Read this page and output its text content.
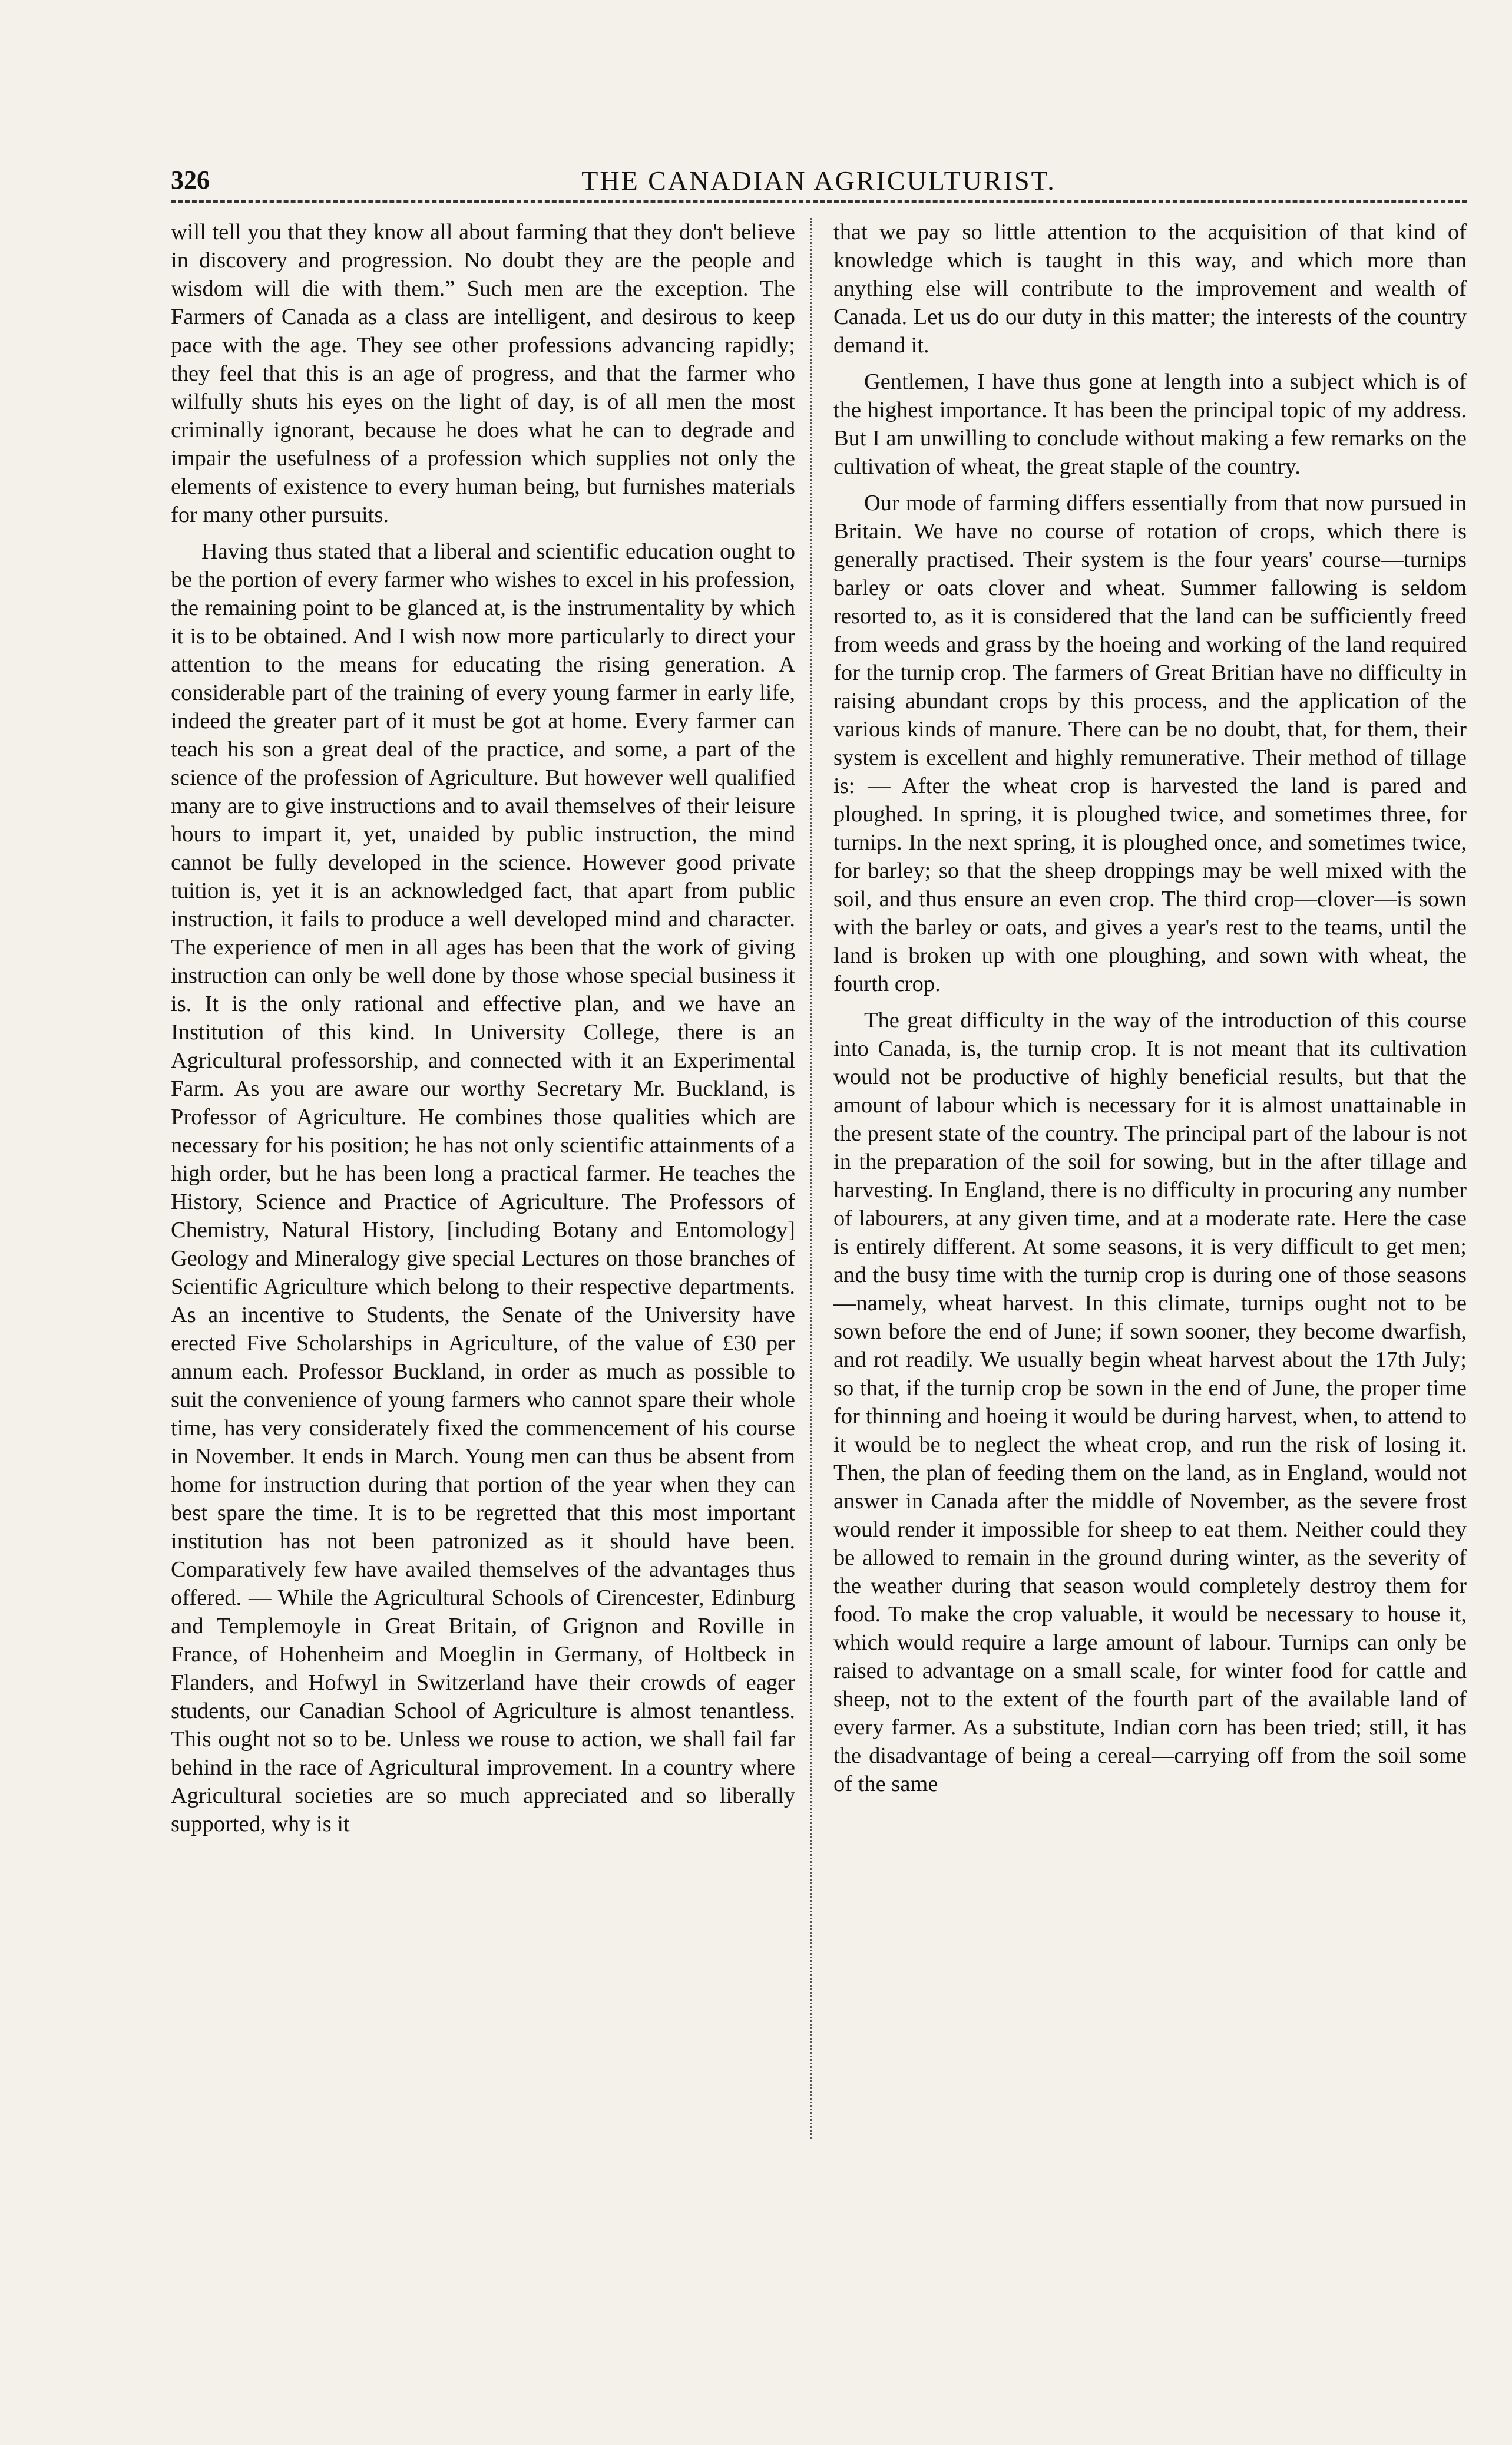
326	THE CANADIAN AGRICULTURIST.

will tell you that they know all about farming that they don't believe in discovery and progression. No doubt they are the people and wisdom will die with them.” Such men are the exception. The Farmers of Canada as a class are intelligent, and desirous to keep pace with the age. They see other professions advancing rapidly; they feel that this is an age of progress, and that the farmer who wilfully shuts his eyes on the light of day, is of all men the most criminally ignorant, because he does what he can to degrade and impair the usefulness of a profession which supplies not only the elements of existence to every human being, but furnishes materials for many other pursuits.

Having thus stated that a liberal and scientific education ought to be the portion of every farmer who wishes to excel in his profession, the remaining point to be glanced at, is the instrumentality by which it is to be obtained. And I wish now more particularly to direct your attention to the means for educating the rising generation. A considerable part of the training of every young farmer in early life, indeed the greater part of it must be got at home. Every farmer can teach his son a great deal of the practice, and some, a part of the science of the profession of Agriculture. But however well qualified many are to give instructions and to avail themselves of their leisure hours to impart it, yet, unaided by public instruction, the mind cannot be fully developed in the science. However good private tuition is, yet it is an acknowledged fact, that apart from public instruction, it fails to produce a well developed mind and character. The experience of men in all ages has been that the work of giving instruction can only be well done by those whose special business it is. It is the only rational and effective plan, and we have an Institution of this kind. In University College, there is an Agricultural professorship, and connected with it an Experimental Farm. As you are aware our worthy Secretary Mr. Buckland, is Professor of Agriculture. He combines those qualities which are necessary for his position; he has not only scientific attainments of a high order, but he has been long a practical farmer. He teaches the History, Science and Practice of Agriculture. The Professors of Chemistry, Natural History, [including Botany and Entomology] Geology and Mineralogy give special Lectures on those branches of Scientific Agriculture which belong to their respective departments. As an incentive to Students, the Senate of the University have erected Five Scholarships in Agriculture, of the value of £30 per annum each. Professor Buckland, in order as much as possible to suit the convenience of young farmers who cannot spare their whole time, has very considerately fixed the commencement of his course in November. It ends in March. Young men can thus be absent from home for instruction during that portion of the year when they can best spare the time. It is to be regretted that this most important institution has not been patronized as it should have been. Comparatively few have availed themselves of the advantages thus offered. — While the Agricultural Schools of Cirencester, Edinburg and Templemoyle in Great Britain, of Grignon and Roville in France, of Hohenheim and Moeglin in Germany, of Holtbeck in Flanders, and Hofwyl in Switzerland have their crowds of eager students, our Canadian School of Agriculture is almost tenantless. This ought not so to be. Unless we rouse to action, we shall fail far behind in the race of Agricultural improvement. In a country where Agricultural societies are so much appreciated and so liberally supported, why is it

that we pay so little attention to the acquisition of that kind of knowledge which is taught in this way, and which more than anything else will contribute to the improvement and wealth of Canada. Let us do our duty in this matter; the interests of the country demand it.

Gentlemen, I have thus gone at length into a subject which is of the highest importance. It has been the principal topic of my address. But I am unwilling to conclude without making a few remarks on the cultivation of wheat, the great staple of the country.

Our mode of farming differs essentially from that now pursued in Britain. We have no course of rotation of crops, which there is generally practised. Their system is the four years' course—turnips barley or oats clover and wheat. Summer fallowing is seldom resorted to, as it is considered that the land can be sufficiently freed from weeds and grass by the hoeing and working of the land required for the turnip crop. The farmers of Great Britian have no difficulty in raising abundant crops by this process, and the application of the various kinds of manure. There can be no doubt, that, for them, their system is excellent and highly remunerative. Their method of tillage is: — After the wheat crop is harvested the land is pared and ploughed. In spring, it is ploughed twice, and sometimes three, for turnips. In the next spring, it is ploughed once, and sometimes twice, for barley; so that the sheep droppings may be well mixed with the soil, and thus ensure an even crop. The third crop—clover—is sown with the barley or oats, and gives a year's rest to the teams, until the land is broken up with one ploughing, and sown with wheat, the fourth crop.

The great difficulty in the way of the introduction of this course into Canada, is, the turnip crop. It is not meant that its cultivation would not be productive of highly beneficial results, but that the amount of labour which is necessary for it is almost unattainable in the present state of the country. The principal part of the labour is not in the preparation of the soil for sowing, but in the after tillage and harvesting. In England, there is no difficulty in procuring any number of labourers, at any given time, and at a moderate rate. Here the case is entirely different. At some seasons, it is very difficult to get men; and the busy time with the turnip crop is during one of those seasons—namely, wheat harvest. In this climate, turnips ought not to be sown before the end of June; if sown sooner, they become dwarfish, and rot readily. We usually begin wheat harvest about the 17th July; so that, if the turnip crop be sown in the end of June, the proper time for thinning and hoeing it would be during harvest, when, to attend to it would be to neglect the wheat crop, and run the risk of losing it. Then, the plan of feeding them on the land, as in England, would not answer in Canada after the middle of November, as the severe frost would render it impossible for sheep to eat them. Neither could they be allowed to remain in the ground during winter, as the severity of the weather during that season would completely destroy them for food. To make the crop valuable, it would be necessary to house it, which would require a large amount of labour. Turnips can only be raised to advantage on a small scale, for winter food for cattle and sheep, not to the extent of the fourth part of the available land of every farmer. As a substitute, Indian corn has been tried; still, it has the disadvantage of being a cereal—carrying off from the soil some of the same
